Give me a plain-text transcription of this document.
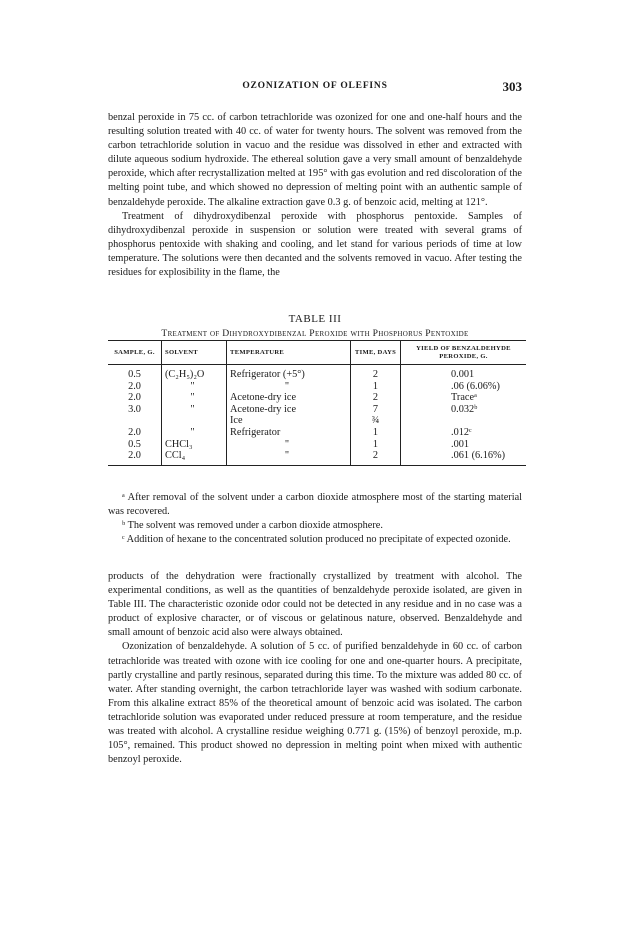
OZONIZATION OF OLEFINS	303

benzal peroxide in 75 cc. of carbon tetrachloride was ozonized for one and one-half hours and the resulting solution treated with 40 cc. of water for twenty hours. The solvent was removed from the carbon tetrachloride solution in vacuo and the residue was dissolved in ether and extracted with dilute aqueous sodium hydroxide. The ethereal solution gave a very small amount of benzaldehyde peroxide, which after recrystallization melted at 195° with gas evolution and red discoloration of the melting point tube, and which showed no depression of melting point with an authentic sample of benzaldehyde peroxide. The alkaline extraction gave 0.3 g. of benzoic acid, melting at 121°.

Treatment of dihydroxydibenzal peroxide with phosphorus pentoxide. Samples of dihydroxydibenzal peroxide in suspension or solution were treated with several grams of phosphorus pentoxide with shaking and cooling, and let stand for various periods of time at low temperature. The solutions were then decanted and the solvents removed in vacuo. After testing the residues for explosibility in the flame, the

TABLE III
Treatment of Dihydroxydibenzal Peroxide with Phosphorus Pentoxide
SAMPLE, G.	SOLVENT	TEMPERATURE	TIME, DAYS	YIELD OF BENZALDEHYDE PEROXIDE, G.
0.5	(C₂H₅)₂O	Refrigerator (+5°)	2	0.001
2.0	"	"	1	.06 (6.06%)
2.0	"	Acetone-dry ice	2	Traceᵃ
3.0	"	Acetone-dry ice	7	0.032ᵇ
		Ice	¾	
2.0	"	Refrigerator	1	.012ᶜ
0.5	CHCl₃	"	1	.001
2.0	CCl₄	"	2	.061 (6.16%)

ᵃ After removal of the solvent under a carbon dioxide atmosphere most of the starting material was recovered.

ᵇ The solvent was removed under a carbon dioxide atmosphere.

ᶜ Addition of hexane to the concentrated solution produced no precipitate of expected ozonide.

products of the dehydration were fractionally crystallized by treatment with alcohol. The experimental conditions, as well as the quantities of benzaldehyde peroxide isolated, are given in Table III. The characteristic ozonide odor could not be detected in any residue and in no case was a product of explosive character, or of viscous or gelatinous nature, observed. Benzaldehyde and small amount of benzoic acid also were always obtained.

Ozonization of benzaldehyde. A solution of 5 cc. of purified benzaldehyde in 60 cc. of carbon tetrachloride was treated with ozone with ice cooling for one and one-quarter hours. A precipitate, partly crystalline and partly resinous, separated during this time. To the mixture was added 80 cc. of water. After standing overnight, the carbon tetrachloride layer was washed with sodium carbonate. From this alkaline extract 85% of the theoretical amount of benzoic acid was isolated. The carbon tetrachloride solution was evaporated under reduced pressure at room temperature, and the residue was treated with alcohol. A crystalline residue weighing 0.771 g. (15%) of benzoyl peroxide, m.p. 105°, remained. This product showed no depression in melting point when mixed with authentic benzoyl peroxide.
